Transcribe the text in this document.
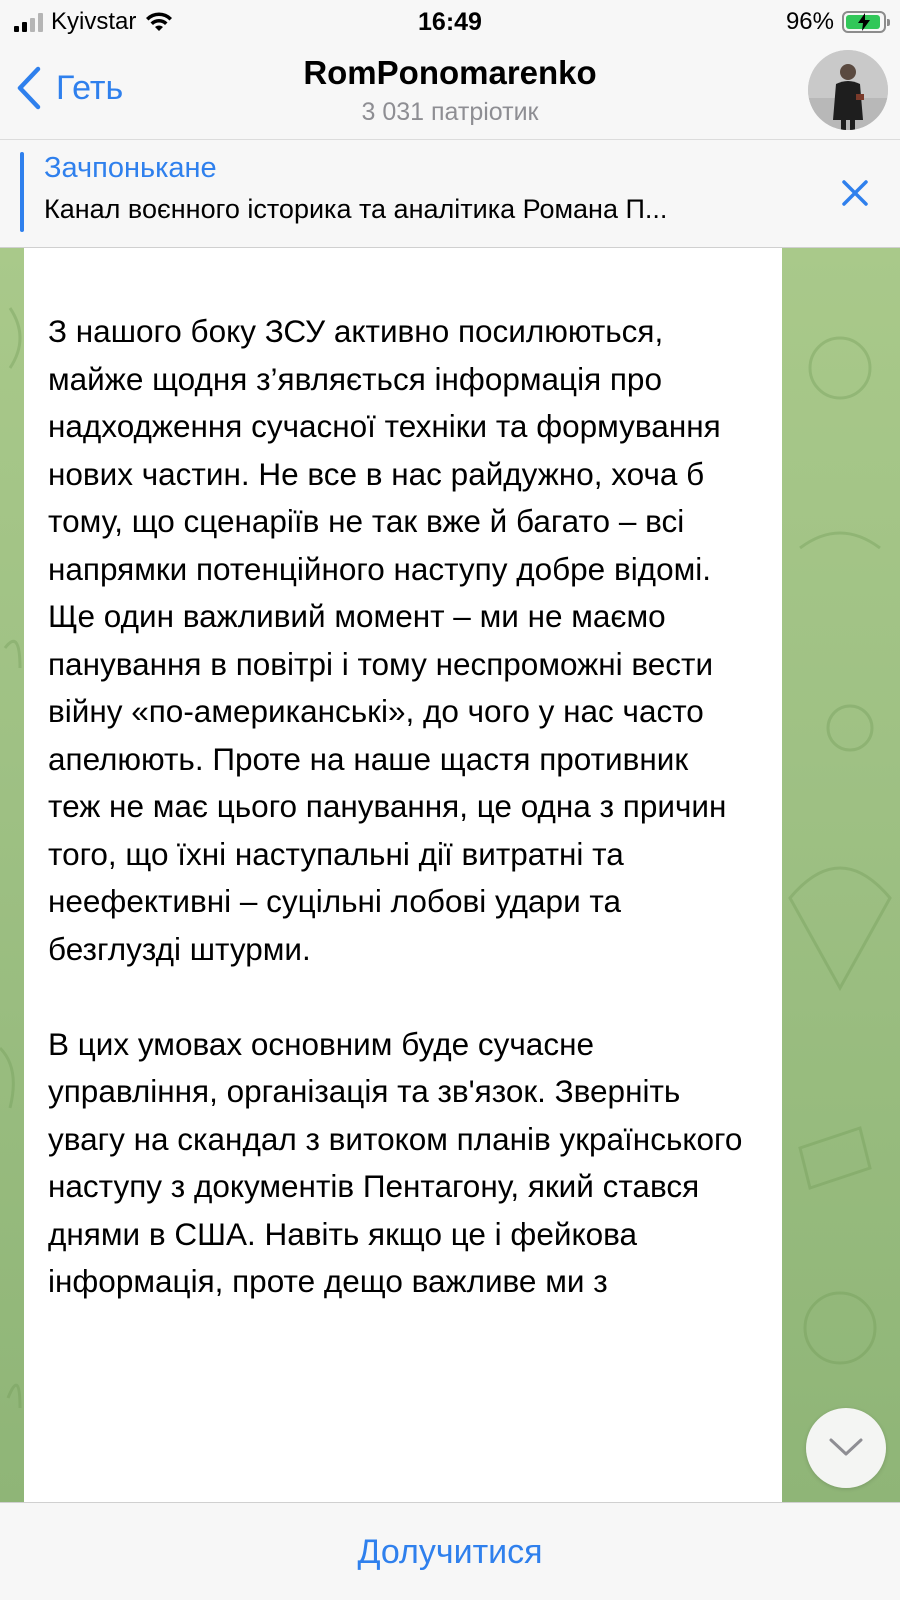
Kyivstar	16:49	96%
Геть	RomPonomarenko
3 031 патріотик
Зачпонькане
Канал воєнного історика та аналітика Романа П...

З нашого боку ЗСУ активно посилюються, майже щодня з’являється інформація про надходження сучасної техніки та формування нових частин. Не все в нас райдужно, хоча б тому, що сценаріїв не так вже й багато – всі напрямки потенційного наступу добре відомі. Ще один важливий момент – ми не маємо панування в повітрі і тому неспроможні вести війну «по-американські», до чого у нас часто апелюють. Проте на наше щастя противник теж не має цього панування, це одна з причин того, що їхні наступальні дії витратні та неефективні – суцільні лобові удари та безглузді штурми.

В цих умовах основним буде сучасне управління, організація та зв'язок. Зверніть увагу на скандал з витоком планів українського наступу з документів Пентагону, який стався днями в США. Навіть якщо це і фейкова інформація, проте дещо важливе ми з

Долучитися
